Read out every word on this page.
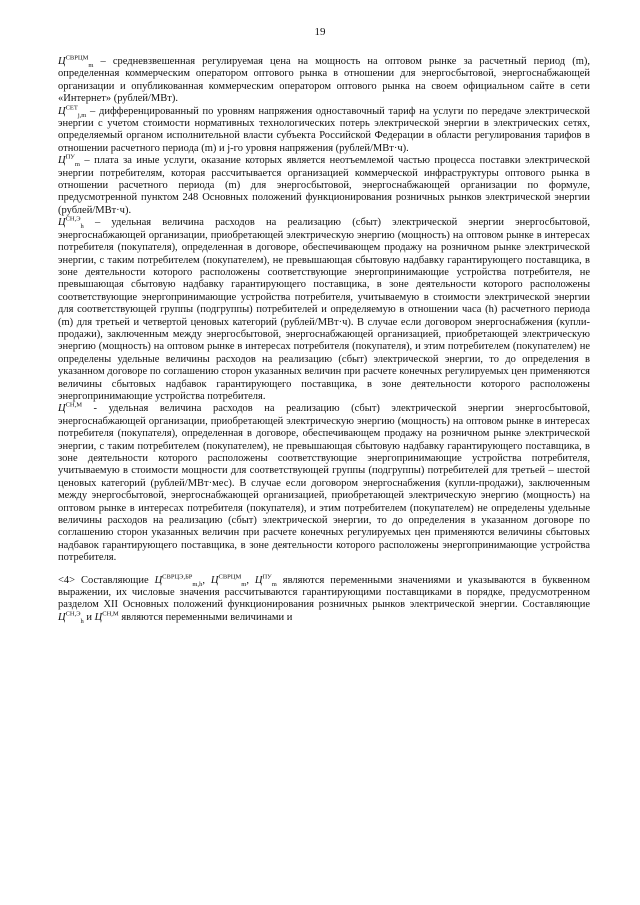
19

$Ц^{СВРЦМ}_m$ – средневзвешенная регулируемая цена на мощность на оптовом рынке за расчетный период (m), определенная коммерческим оператором оптового рынка в отношении для энергосбытовой, энергоснабжающей организации и опубликованная коммерческим оператором оптового рынка на своем официальном сайте в сети «Интернет» (рублей/МВт).

$Ц^{СЕТ}_{j,m}$ – дифференцированный по уровням напряжения одноставочный тариф на услуги по передаче электрической энергии с учетом стоимости нормативных технологических потерь электрической энергии в электрических сетях, определяемый органом исполнительной власти субъекта Российской Федерации в области регулирования тарифов в отношении расчетного периода (m) и j-го уровня напряжения (рублей/МВт·ч).

$Ц^{ПУ}_m$ – плата за иные услуги, оказание которых является неотъемлемой частью процесса поставки электрической энергии потребителям, которая рассчитывается организацией коммерческой инфраструктуры оптового рынка в отношении расчетного периода (m) для энергосбытовой, энергоснабжающей организации по формуле, предусмотренной пунктом 248 Основных положений функционирования розничных рынков электрической энергии (рублей/МВт·ч).

$Ц^{СН,Э}_h$ – удельная величина расходов на реализацию (сбыт) электрической энергии энергосбытовой, энергоснабжающей организации, приобретающей электрическую энергию (мощность) на оптовом рынке в интересах потребителя (покупателя), определенная в договоре, обеспечивающем продажу на розничном рынке электрической энергии, с таким потребителем (покупателем), не превышающая сбытовую надбавку гарантирующего поставщика, в зоне деятельности которого расположены соответствующие энергопринимающие устройства потребителя, не превышающая сбытовую надбавку гарантирующего поставщика, в зоне деятельности которого расположены соответствующие энергопринимающие устройства потребителя, учитываемую в стоимости электрической энергии для соответствующей группы (подгруппы) потребителей и определяемую в отношении часа (h) расчетного периода (m) для третьей и четвертой ценовых категорий (рублей/МВт·ч). В случае если договором энергоснабжения (купли-продажи), заключенным между энергосбытовой, энергоснабжающей организацией, приобретающей электрическую энергию (мощность) на оптовом рынке в интересах потребителя (покупателя), и этим потребителем (покупателем) не определены удельные величины расходов на реализацию (сбыт) электрической энергии, то до определения в указанном договоре по соглашению сторон указанных величин при расчете конечных регулируемых цен применяются величины сбытовых надбавок гарантирующего поставщика, в зоне деятельности которого расположены энергопринимающие устройства потребителя.

$Ц^{СН,М}$ - удельная величина расходов на реализацию (сбыт) электрической энергии энергосбытовой, энергоснабжающей организации, приобретающей электрическую энергию (мощность) на оптовом рынке в интересах потребителя (покупателя), определенная в договоре, обеспечивающем продажу на розничном рынке электрической энергии, с таким потребителем (покупателем), не превышающая сбытовую надбавку гарантирующего поставщика, в зоне деятельности которого расположены соответствующие энергопринимающие устройства потребителя, учитываемую в стоимости мощности для соответствующей группы (подгруппы) потребителей для третьей – шестой ценовых категорий (рублей/МВт·мес). В случае если договором энергоснабжения (купли-продажи), заключенным между энергосбытовой, энергоснабжающей организацией, приобретающей электрическую энергию (мощность) на оптовом рынке в интересах потребителя (покупателя), и этим потребителем (покупателем) не определены удельные величины расходов на реализацию (сбыт) электрической энергии, то до определения в указанном договоре по соглашению сторон указанных величин при расчете конечных регулируемых цен применяются величины сбытовых надбавок гарантирующего поставщика, в зоне деятельности которого расположены энергопринимающие устройства потребителя.

<4> Составляющие $Ц^{СВРЦЭ,БР}_{m,h}$, $Ц^{СВРЦМ}_m$, $Ц^{ПУ}_m$ являются переменными значениями и указываются в буквенном выражении, их числовые значения рассчитываются гарантирующими поставщиками в порядке, предусмотренном разделом XII Основных положений функционирования розничных рынков электрической энергии. Составляющие $Ц^{СН,Э}_h$ и $Ц^{СН,М}$ являются переменными величинами и
